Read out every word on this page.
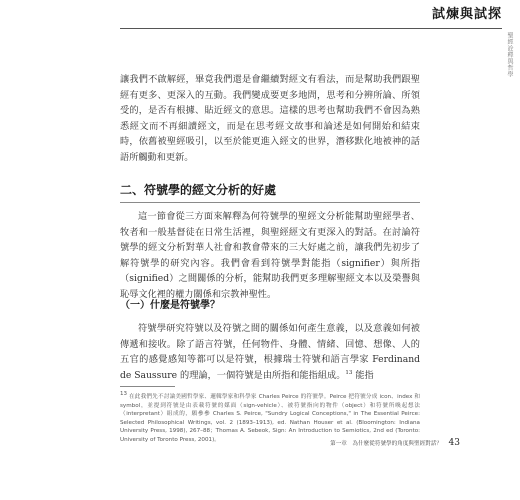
試煉與試探
聖經詮釋與哲學

讓我們不啟解經，畢竟我們還是會繼續對經文有看法，而是幫助我們跟聖經有更多、更深入的互動。我們變成要更多地問，思考和分辨所論、所領受的，是否有根據、貼近經文的意思。這樣的思考也幫助我們不會因為熟悉經文而不再細讀經文，而是在思考經文故事和論述是如何開始和結束時，依舊被聖經吸引，以至於能更進入經文的世界，潛移默化地被神的話語所觸動和更新。

二、符號學的經文分析的好處

這一節會從三方面來解釋為何符號學的聖經文分析能幫助聖經學者、牧者和一般基督徒在日常生活裡，與聖經經文有更深入的對話。在討論符號學的經文分析對華人社會和教會帶來的三大好處之前，讓我們先初步了解符號學的研究內容。我們會看到符號學對能指（signifier）與所指（signified）之間關係的分析，能幫助我們更多理解聖經文本以及榮譽與恥辱文化裡的權力關係和宗教神聖性。

（一）什麼是符號學？

符號學研究符號以及符號之間的關係如何產生意義，以及意義如何被傳遞和接收。除了語言符號，任何物件、身體、情緒、回憶、想像、人的五官的感覺感知等都可以是符號，根據瑞士符號和語言學家 Ferdinand de Saussure 的理論，一個符號是由所指和能指組成。$^{13}$ 能指

$^{13}$ 在此我們先不討論美國哲學家、邏輯學家和科學家 Charles Peirce 的符號學。Peirce 把符號分成 icon、index 和 symbol，並提到符號是由表載符號的媒面（sign-vehicle）、被符號指向的物件（object）和符號所喚起想法（interpretant）組成的，願參參 Charles S. Peirce, "Sundry Logical Conceptions," in The Essential Peirce: Selected Philosophical Writings, vol. 2 (1893–1913), ed. Nathan Houser et al. (Bloomington: Indiana University Press, 1998), 267–88；Thomas A. Sebeok, Sign: An Introduction to Semiotics, 2nd ed (Toronto: University of Toronto Press, 2001)。

第一章　為什麼從符號學的角度與聖經對話？ 43
